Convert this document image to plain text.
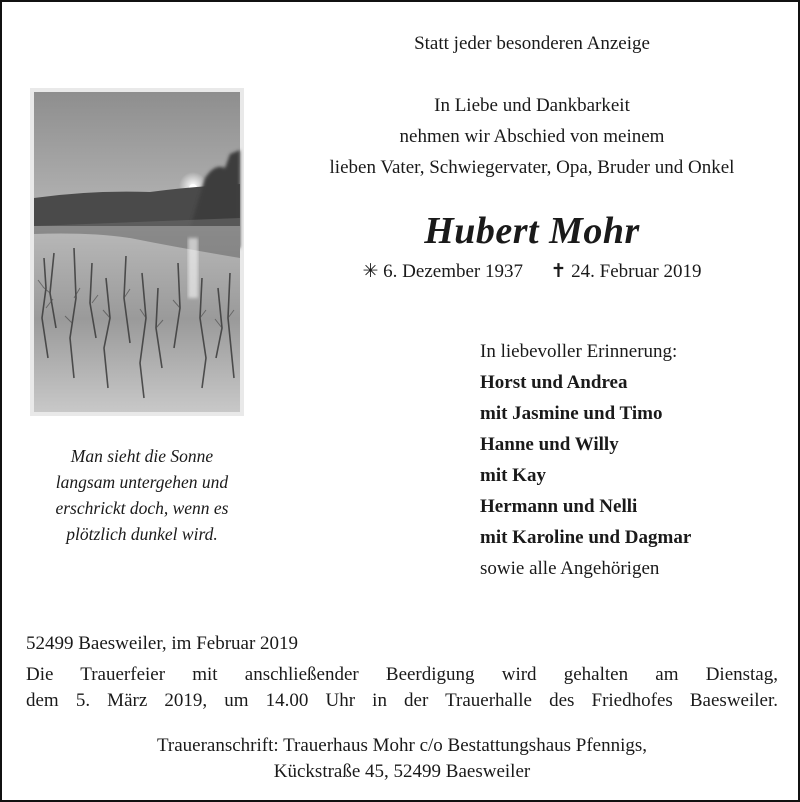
Statt jeder besonderen Anzeige
In Liebe und Dankbarkeit
nehmen wir Abschied von meinem
lieben Vater, Schwiegervater, Opa, Bruder und Onkel
Hubert Mohr
✳ 6. Dezember 1937 ✝ 24. Februar 2019
Man sieht die Sonne
langsam untergehen und
erschrickt doch, wenn es
plötzlich dunkel wird.
In liebevoller Erinnerung:
Horst und Andrea
mit Jasmine und Timo
Hanne und Willy
mit Kay
Hermann und Nelli
mit Karoline und Dagmar
sowie alle Angehörigen
52499 Baesweiler, im Februar 2019
Die Trauerfeier mit anschließender Beerdigung wird gehalten am Dienstag,
dem 5. März 2019, um 14.00 Uhr in der Trauerhalle des Friedhofes Baesweiler.
Traueranschrift: Trauerhaus Mohr c/o Bestattungshaus Pfennigs,
Kückstraße 45, 52499 Baesweiler
